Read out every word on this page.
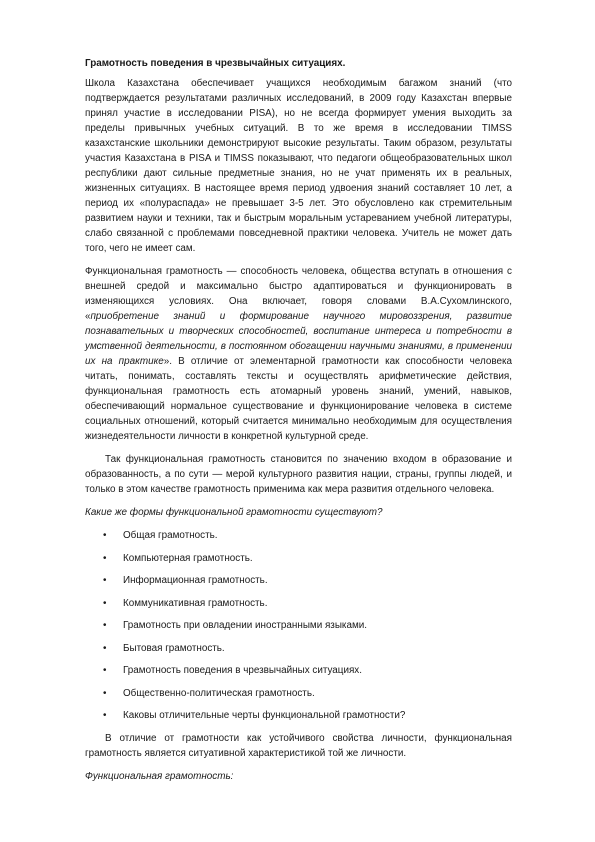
Грамотность поведения в чрезвычайных ситуациях.

Школа Казахстана обеспечивает учащихся необходимым багажом знаний (что подтверждается результатами различных исследований, в 2009 году Казахстан впервые принял участие в исследовании PISA), но не всегда формирует умения выходить за пределы привычных учебных ситуаций. В то же время в исследовании TIMSS казахстанские школьники демонстрируют высокие результаты. Таким образом, результаты участия Казахстана в PISA и TIMSS показывают, что педагоги общеобразовательных школ республики дают сильные предметные знания, но не учат применять их в реальных, жизненных ситуациях. В настоящее время период удвоения знаний составляет 10 лет, а период их «полураспада» не превышает 3-5 лет. Это обусловлено как стремительным развитием науки и техники, так и быстрым моральным устареванием учебной литературы, слабо связанной с проблемами повседневной практики человека. Учитель не может дать того, чего не имеет сам.

Функциональная грамотность — способность человека, общества вступать в отношения с внешней средой и максимально быстро адаптироваться и функционировать в изменяющихся условиях. Она включает, говоря словами В.А.Сухомлинского, «приобретение знаний и формирование научного мировоззрения, развитие познавательных и творческих способностей, воспитание интереса и потребности в умственной деятельности, в постоянном обогащении научными знаниями, в применении их на практике». В отличие от элементарной грамотности как способности человека читать, понимать, составлять тексты и осуществлять арифметические действия, функциональная грамотность есть атомарный уровень знаний, умений, навыков, обеспечивающий нормальное существование и функционирование человека в системе социальных отношений, который считается минимально необходимым для осуществления жизнедеятельности личности в конкретной культурной среде.

Так функциональная грамотность становится по значению входом в образование и образованность, а по сути — мерой культурного развития нации, страны, группы людей, и только в этом качестве грамотность применима как мера развития отдельного человека.

Какие же формы функциональной грамотности существуют?

• Общая грамотность.
• Компьютерная грамотность.
• Информационная грамотность.
• Коммуникативная грамотность.
• Грамотность при овладении иностранными языками.
• Бытовая грамотность.
• Грамотность поведения в чрезвычайных ситуациях.
• Общественно-политическая грамотность.
• Каковы отличительные черты функциональной грамотности?

В отличие от грамотности как устойчивого свойства личности, функциональная грамотность является ситуативной характеристикой той же личности.

Функциональная грамотность:
